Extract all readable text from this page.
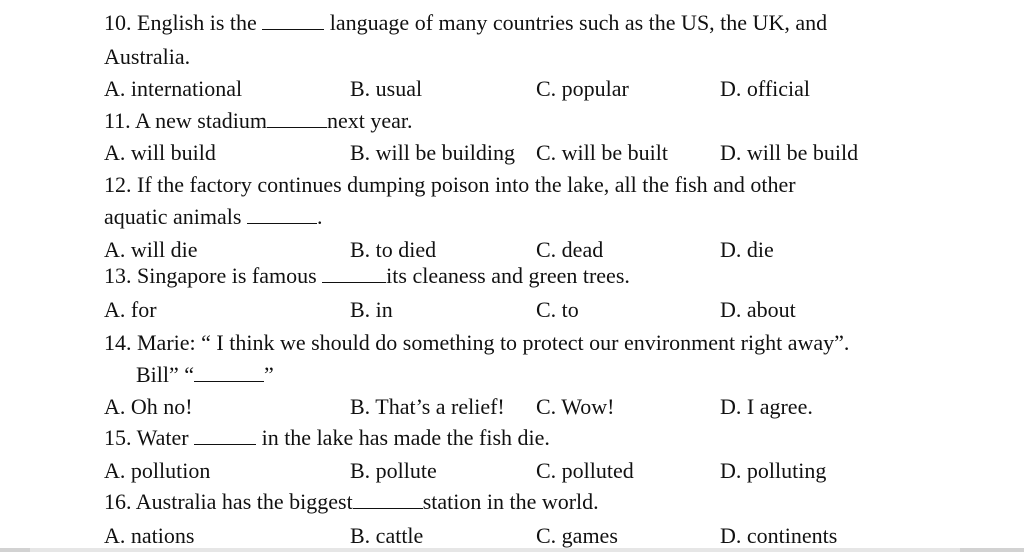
10. English is the	language of many countries such as the US, the UK, and
Australia.
A. international	B. usual	C. popular	D. official
11. A new stadium	next year.
A. will build	B. will be building C. will be built D. will be build
12. If the factory continues dumping poison into the lake, all the fish and other
aquatic animals	.
A. will die	B. to died	C. dead	D. die
13. Singapore is famous	its cleaness and green trees.
A. for	B. in	C. to	D. about
14. Marie: “ I think we should do something to protect our environment right away”.
Bill” “	”
A. Oh no!	B. That’s a relief! C. Wow!	D. I agree.
15. Water	in the lake has made the fish die.
A. pollution	B. pollute	C. polluted	D. polluting
16. Australia has the biggest	station in the world.
A. nations	B. cattle	C. games	D. continents
